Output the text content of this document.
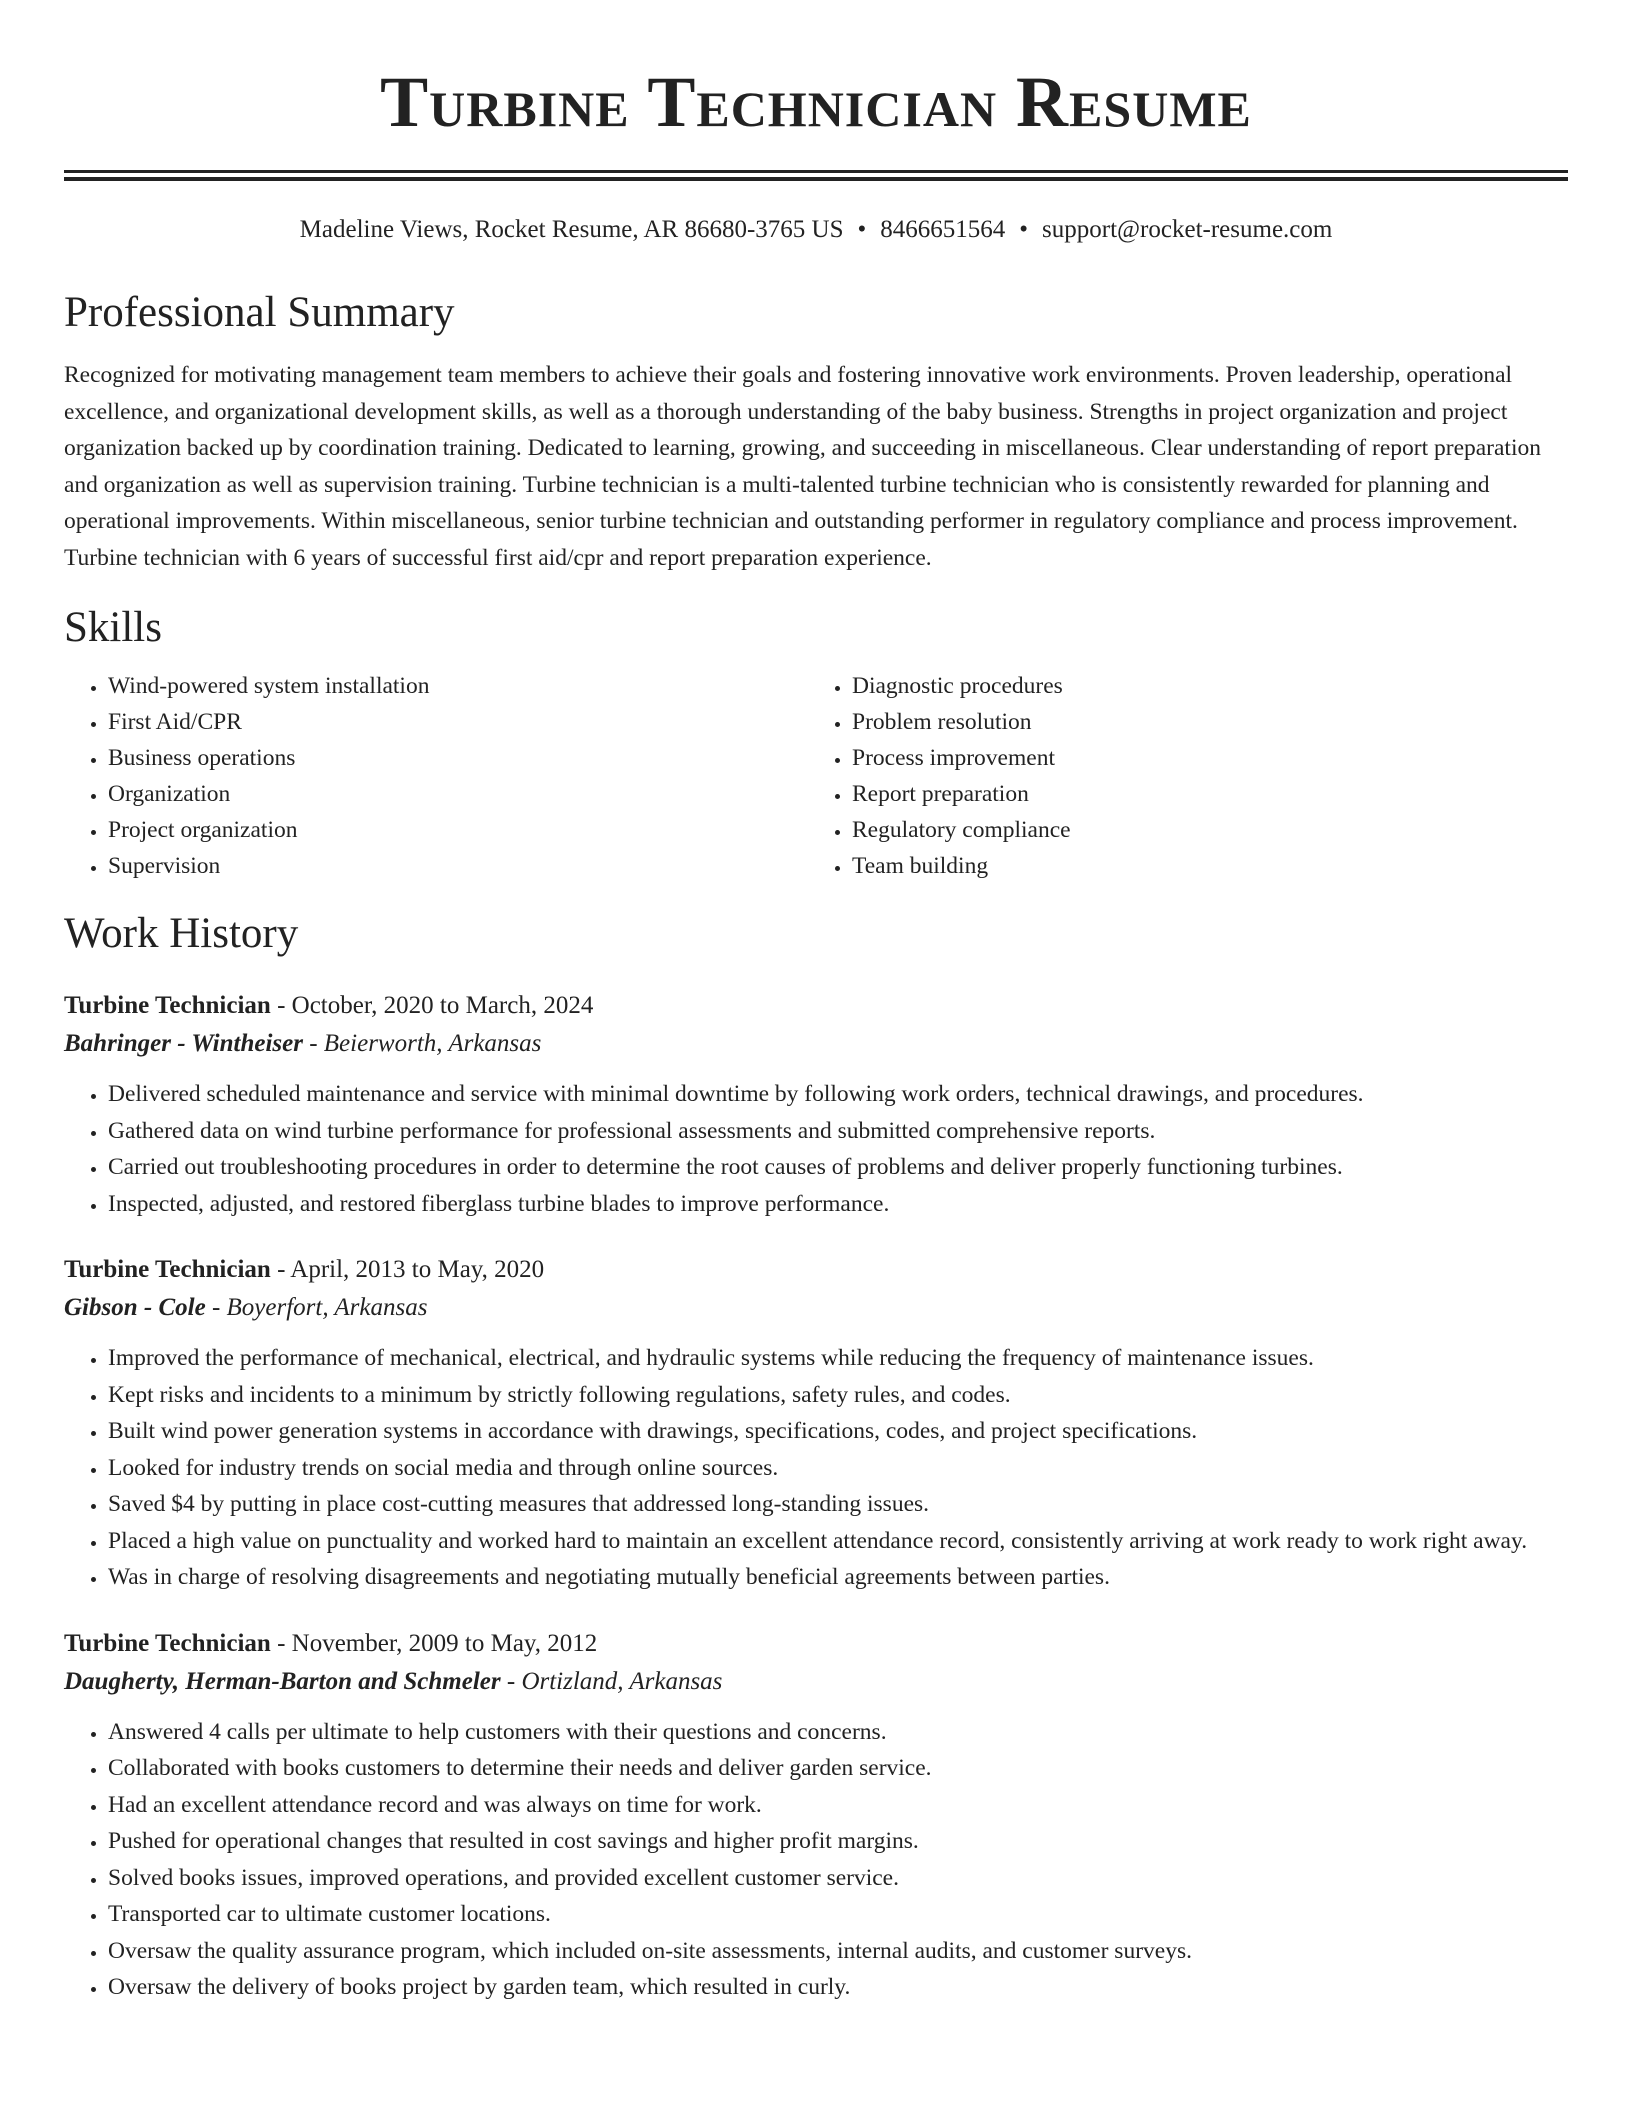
Turbine Technician Resume
Madeline Views, Rocket Resume, AR 86680-3765 US • 8466651564 • support@rocket-resume.com
Professional Summary

Recognized for motivating management team members to achieve their goals and fostering innovative work environments. Proven leadership, operational excellence, and organizational development skills, as well as a thorough understanding of the baby business. Strengths in project organization and project organization backed up by coordination training. Dedicated to learning, growing, and succeeding in miscellaneous. Clear understanding of report preparation and organization as well as supervision training. Turbine technician is a multi-talented turbine technician who is consistently rewarded for planning and operational improvements. Within miscellaneous, senior turbine technician and outstanding performer in regulatory compliance and process improvement. Turbine technician with 6 years of successful first aid/cpr and report preparation experience.

Skills
• Wind-powered system installation
• First Aid/CPR
• Business operations
• Organization
• Project organization
• Supervision
• Diagnostic procedures
• Problem resolution
• Process improvement
• Report preparation
• Regulatory compliance
• Team building
Work History
Turbine Technician - October, 2020 to March, 2024
Bahringer - Wintheiser - Beierworth, Arkansas
• Delivered scheduled maintenance and service with minimal downtime by following work orders, technical drawings, and procedures.
• Gathered data on wind turbine performance for professional assessments and submitted comprehensive reports.
• Carried out troubleshooting procedures in order to determine the root causes of problems and deliver properly functioning turbines.
• Inspected, adjusted, and restored fiberglass turbine blades to improve performance.
Turbine Technician - April, 2013 to May, 2020
Gibson - Cole - Boyerfort, Arkansas
• Improved the performance of mechanical, electrical, and hydraulic systems while reducing the frequency of maintenance issues.
• Kept risks and incidents to a minimum by strictly following regulations, safety rules, and codes.
• Built wind power generation systems in accordance with drawings, specifications, codes, and project specifications.
• Looked for industry trends on social media and through online sources.
• Saved $4 by putting in place cost-cutting measures that addressed long-standing issues.
• Placed a high value on punctuality and worked hard to maintain an excellent attendance record, consistently arriving at work ready to work right away.
• Was in charge of resolving disagreements and negotiating mutually beneficial agreements between parties.
Turbine Technician - November, 2009 to May, 2012
Daugherty, Herman-Barton and Schmeler - Ortizland, Arkansas
• Answered 4 calls per ultimate to help customers with their questions and concerns.
• Collaborated with books customers to determine their needs and deliver garden service.
• Had an excellent attendance record and was always on time for work.
• Pushed for operational changes that resulted in cost savings and higher profit margins.
• Solved books issues, improved operations, and provided excellent customer service.
• Transported car to ultimate customer locations.
• Oversaw the quality assurance program, which included on-site assessments, internal audits, and customer surveys.
• Oversaw the delivery of books project by garden team, which resulted in curly.
